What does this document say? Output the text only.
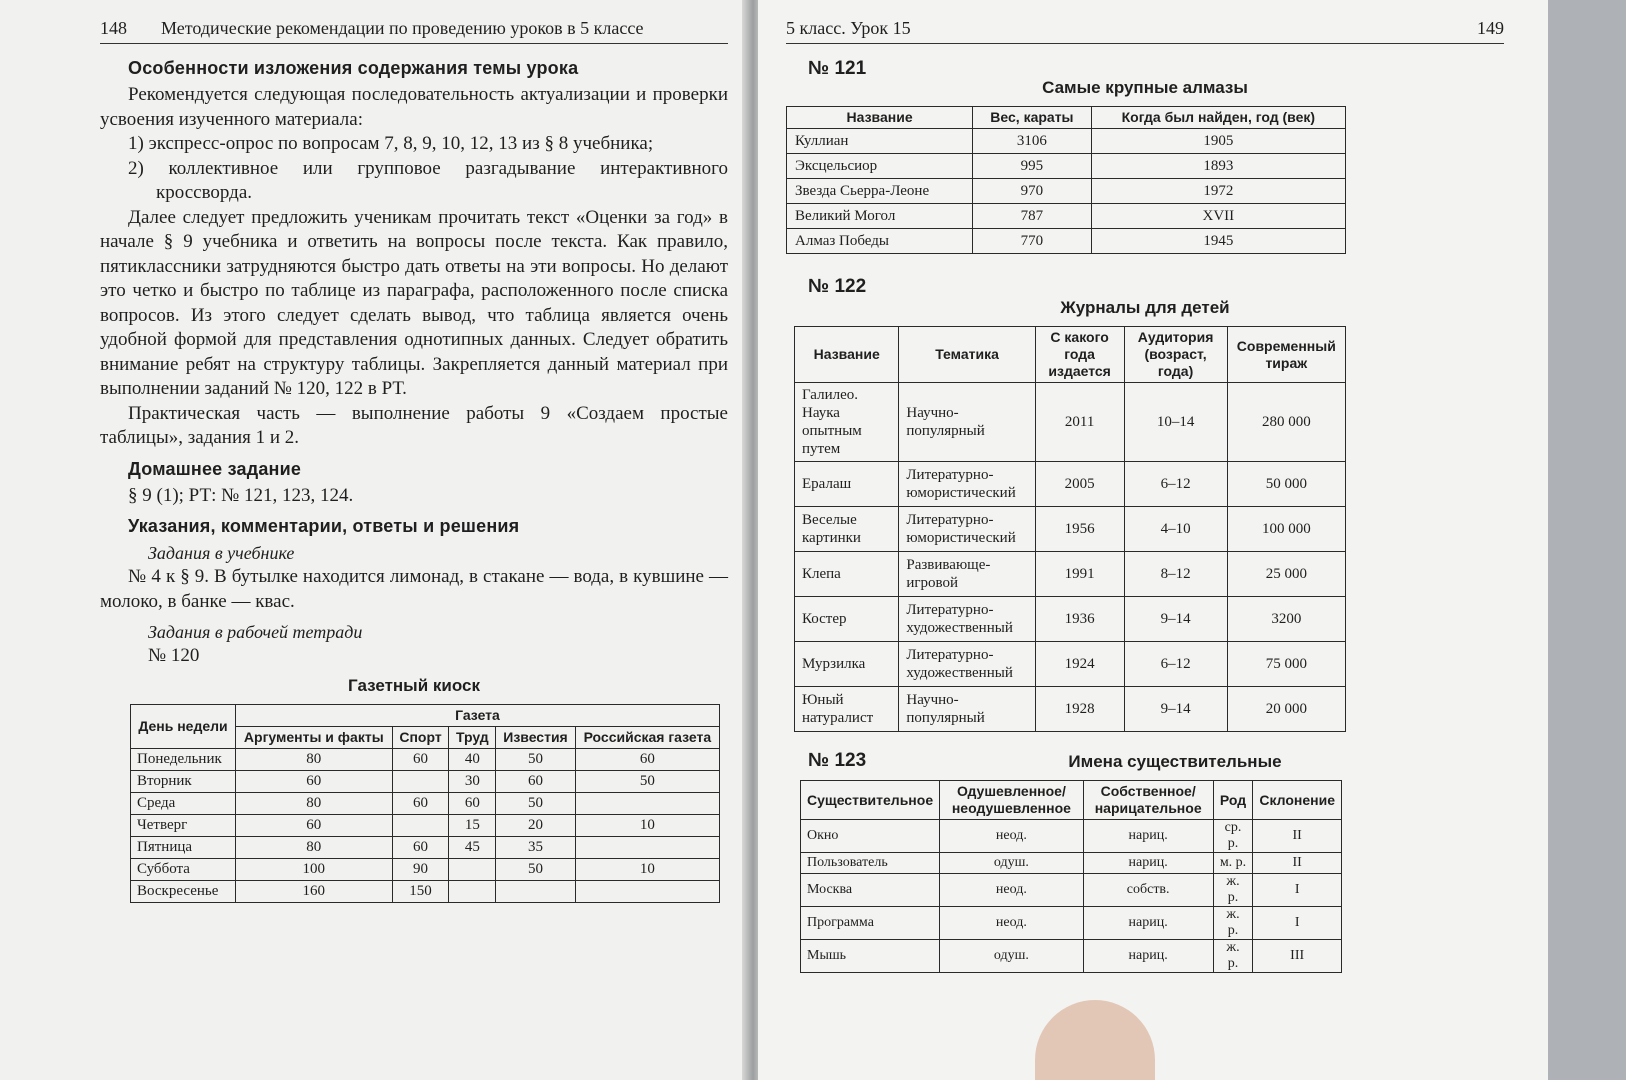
148 Методические рекомендации по проведению уроков в 5 классе
Особенности изложения содержания темы урока

Рекомендуется следующая последовательность актуализации и проверки усвоения изученного материала:

1) экспресс-опрос по вопросам 7, 8, 9, 10, 12, 13 из § 8 учебника;

2) коллективное или групповое разгадывание интерактивного кроссворда.

Далее следует предложить ученикам прочитать текст «Оценки за год» в начале § 9 учебника и ответить на вопросы после текста. Как правило, пятиклассники затрудняются быстро дать ответы на эти вопросы. Но делают это четко и быстро по таблице из параграфа, расположенного после списка вопросов. Из этого следует сделать вывод, что таблица является очень удобной формой для представления однотипных данных. Следует обратить внимание ребят на структуру таблицы. Закрепляется данный материал при выполнении заданий № 120, 122 в РТ.

Практическая часть — выполнение работы 9 «Создаем простые таблицы», задания 1 и 2.

Домашнее задание

§ 9 (1); РТ: № 121, 123, 124.

Указания, комментарии, ответы и решения
Задания в учебнике

№ 4 к § 9. В бутылке находится лимонад, в стакане — вода, в кувшине — молоко, в банке — квас.

Задания в рабочей тетради
№ 120
Газетный киоск
День недели	Газета				
	Аргументы и факты	Спорт	Труд	Известия	Российская газета
Понедельник	80	60	40	50	60
Вторник	60		30	60	50
Среда	80	60	60	50	
Четверг	60		15	20	10
Пятница	80	60	45	35	
Суббота	100	90		50	10
Воскресенье	160	150			
5 класс. Урок 15	149
№ 121
Самые крупные алмазы
Название	Вес, караты	Когда был найден, год (век)
Куллиан	3106	1905
Эксцельсиор	995	1893
Звезда Сьерра-Леоне	970	1972
Великий Могол	787	XVII
Алмаз Победы	770	1945
№ 122
Журналы для детей
Название	Тематика	С какого года издается	Аудитория (возраст, года)	Современный тираж
Галилео. Наука опытным путем	Научно-популярный	2011	10–14	280 000
Ералаш	Литературно-юмористический	2005	6–12	50 000
Веселые картинки	Литературно-юмористический	1956	4–10	100 000
Клепа	Развивающе-игровой	1991	8–12	25 000
Костер	Литературно-художественный	1936	9–14	3200
Мурзилка	Литературно-художественный	1924	6–12	75 000
Юный натуралист	Научно-популярный	1928	9–14	20 000
№ 123	Имена существительные
Существительное	Одушевленное/ неодушевленное	Собственное/ нарицательное	Род	Склонение
Окно	неод.	нариц.	ср. р.	II
Пользователь	одуш.	нариц.	м. р.	II
Москва	неод.	собств.	ж. р.	I
Программа	неод.	нариц.	ж. р.	I
Мышь	одуш.	нариц.	ж. р.	III
